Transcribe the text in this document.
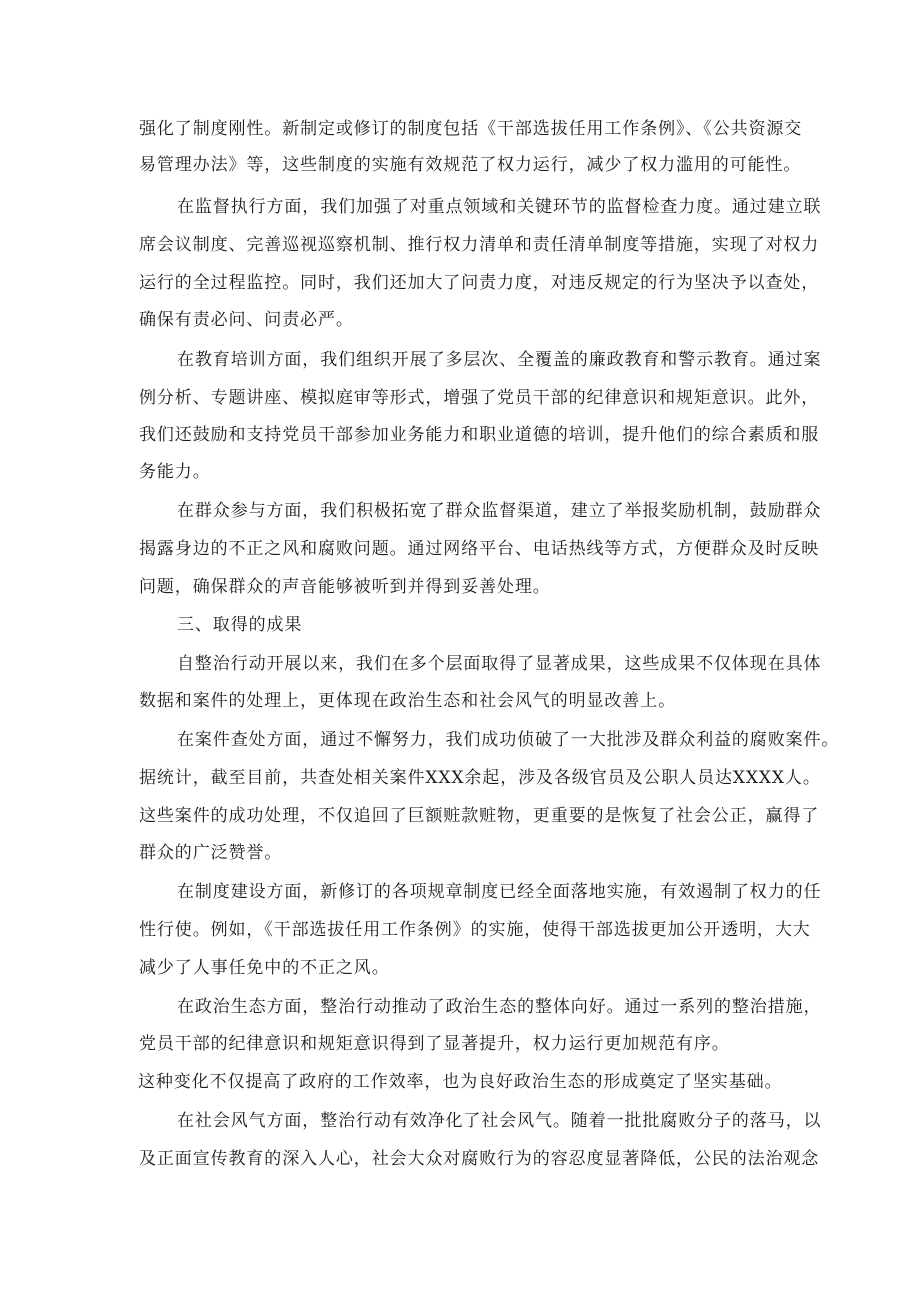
强化了制度刚性。新制定或修订的制度包括《干部选拔任用工作条例》、《公共资源交
易管理办法》等，这些制度的实施有效规范了权力运行，减少了权力滥用的可能性。
在监督执行方面，我们加强了对重点领域和关键环节的监督检查力度。通过建立联
席会议制度、完善巡视巡察机制、推行权力清单和责任清单制度等措施，实现了对权力
运行的全过程监控。同时，我们还加大了问责力度，对违反规定的行为坚决予以查处，
确保有责必问、问责必严。
在教育培训方面，我们组织开展了多层次、全覆盖的廉政教育和警示教育。通过案
例分析、专题讲座、模拟庭审等形式，增强了党员干部的纪律意识和规矩意识。此外，
我们还鼓励和支持党员干部参加业务能力和职业道德的培训，提升他们的综合素质和服
务能力。
在群众参与方面，我们积极拓宽了群众监督渠道，建立了举报奖励机制，鼓励群众
揭露身边的不正之风和腐败问题。通过网络平台、电话热线等方式，方便群众及时反映
问题，确保群众的声音能够被听到并得到妥善处理。
三、取得的成果
自整治行动开展以来，我们在多个层面取得了显著成果，这些成果不仅体现在具体
数据和案件的处理上，更体现在政治生态和社会风气的明显改善上。
在案件查处方面，通过不懈努力，我们成功侦破了一大批涉及群众利益的腐败案件。
据统计，截至目前，共查处相关案件XXX余起，涉及各级官员及公职人员达XXXX人。
这些案件的成功处理，不仅追回了巨额赃款赃物，更重要的是恢复了社会公正，赢得了
群众的广泛赞誉。
在制度建设方面，新修订的各项规章制度已经全面落地实施，有效遏制了权力的任
性行使。例如，《干部选拔任用工作条例》的实施，使得干部选拔更加公开透明，大大
减少了人事任免中的不正之风。
在政治生态方面，整治行动推动了政治生态的整体向好。通过一系列的整治措施，
党员干部的纪律意识和规矩意识得到了显著提升，权力运行更加规范有序。
这种变化不仅提高了政府的工作效率，也为良好政治生态的形成奠定了坚实基础。
在社会风气方面，整治行动有效净化了社会风气。随着一批批腐败分子的落马，以
及正面宣传教育的深入人心，社会大众对腐败行为的容忍度显著降低，公民的法治观念
